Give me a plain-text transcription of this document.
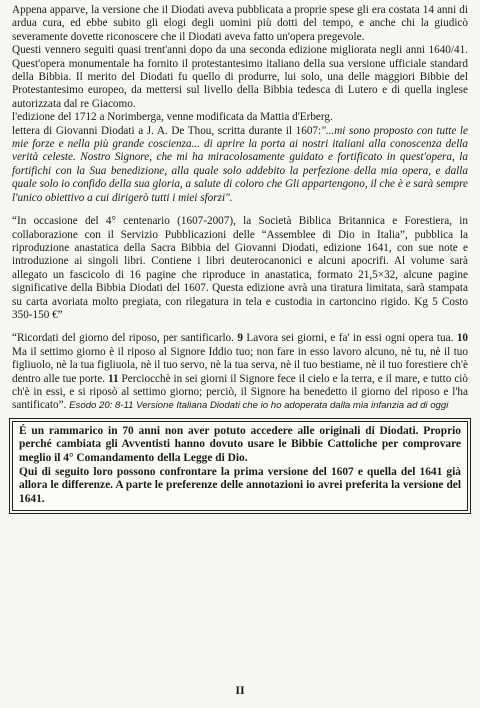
Appena apparve, la versione che il Diodati aveva pubblicata a proprie spese gli era costata 14 anni di ardua cura, ed ebbe subito gli elogi degli uomini più dotti del tempo, e anche chi la giudicò severamente dovette riconoscere che il Diodati aveva fatto un'opera pregevole.

Questi vennero seguiti quasi trent'anni dopo da una seconda edizione migliorata negli anni 1640/41. Quest'opera monumentale ha fornito il protestantesimo italiano della sua versione ufficiale standard della Bibbia. Il merito del Diodati fu quello di produrre, lui solo, una delle maggiori Bibbie del Protestantesimo europeo, da mettersi sul livello della Bibbia tedesca di Lutero e di quella inglese autorizzata dal re Giacomo.

l'edizione del 1712 a Norimberga, venne modificata da Mattia d'Erberg.

lettera di Giovanni Diodati a J. A. De Thou, scritta durante il 1607:"...mi sono proposto con tutte le mie forze e nella più grande coscienza... di aprire la porta ai nostri italiani alla conoscenza della verità celeste. Nostro Signore, che mi ha miracolosamente guidato e fortificato in quest'opera, la fortifichi con la Sua benedizione, alla quale solo addebito la perfezione della mia opera, e dalla quale solo io confido della sua gloria, a salute di coloro che Gli appartengono, il che è e sarà sempre l'unico obiettivo a cui dirigerò tutti i miei sforzi".

“In occasione del 4° centenario (1607-2007), la Società Biblica Britannica e Forestiera, in collaborazione con il Servizio Pubblicazioni delle “Assemblee di Dio in Italia”, pubblica la riproduzione anastatica della Sacra Bibbia del Giovanni Diodati, edizione 1641, con sue note e introduzione ai singoli libri. Contiene i libri deuterocanonici e alcuni apocrifi. Al volume sarà allegato un fascicolo di 16 pagine che riproduce in anastatica, formato 21,5×32, alcune pagine significative della Bibbia Diodati del 1607. Questa edizione avrà una tiratura limitata, sarà stampata su carta avoriata molto pregiata, con rilegatura in tela e custodia in cartoncino rigido. Kg 5 Costo 350-150 €”

“Ricordati del giorno del riposo, per santificarlo. 9 Lavora sei giorni, e fa' in essi ogni opera tua. 10 Ma il settimo giorno è il riposo al Signore Iddio tuo; non fare in esso lavoro alcuno, nè tu, nè il tuo figliuolo, nè la tua figliuola, nè il tuo servo, nè la tua serva, nè il tuo bestiame, nè il tuo forestiere ch'è dentro alle tue porte. 11 Perciocchè in sei giorni il Signore fece il cielo e la terra, e il mare, e tutto ciò ch'è in essi, e si riposò al settimo giorno; perciò, il Signore ha benedetto il giorno del riposo e l'ha santificato”. Esodo 20: 8-11 Versione Italiana Diodati che io ho adoperata dalla mia infanzia ad di oggi

É un rammarico in 70 anni non aver potuto accedere alle originali di Diodati. Proprio perché cambiata gli Avventisti hanno dovuto usare le Bibbie Cattoliche per comprovare meglio il 4° Comandamento della Legge di Dio.

Qui di seguito loro possono confrontare la prima versione del 1607 e quella del 1641 già allora le differenze. A parte le preferenze delle annotazioni io avrei preferita la versione del 1641.

II
